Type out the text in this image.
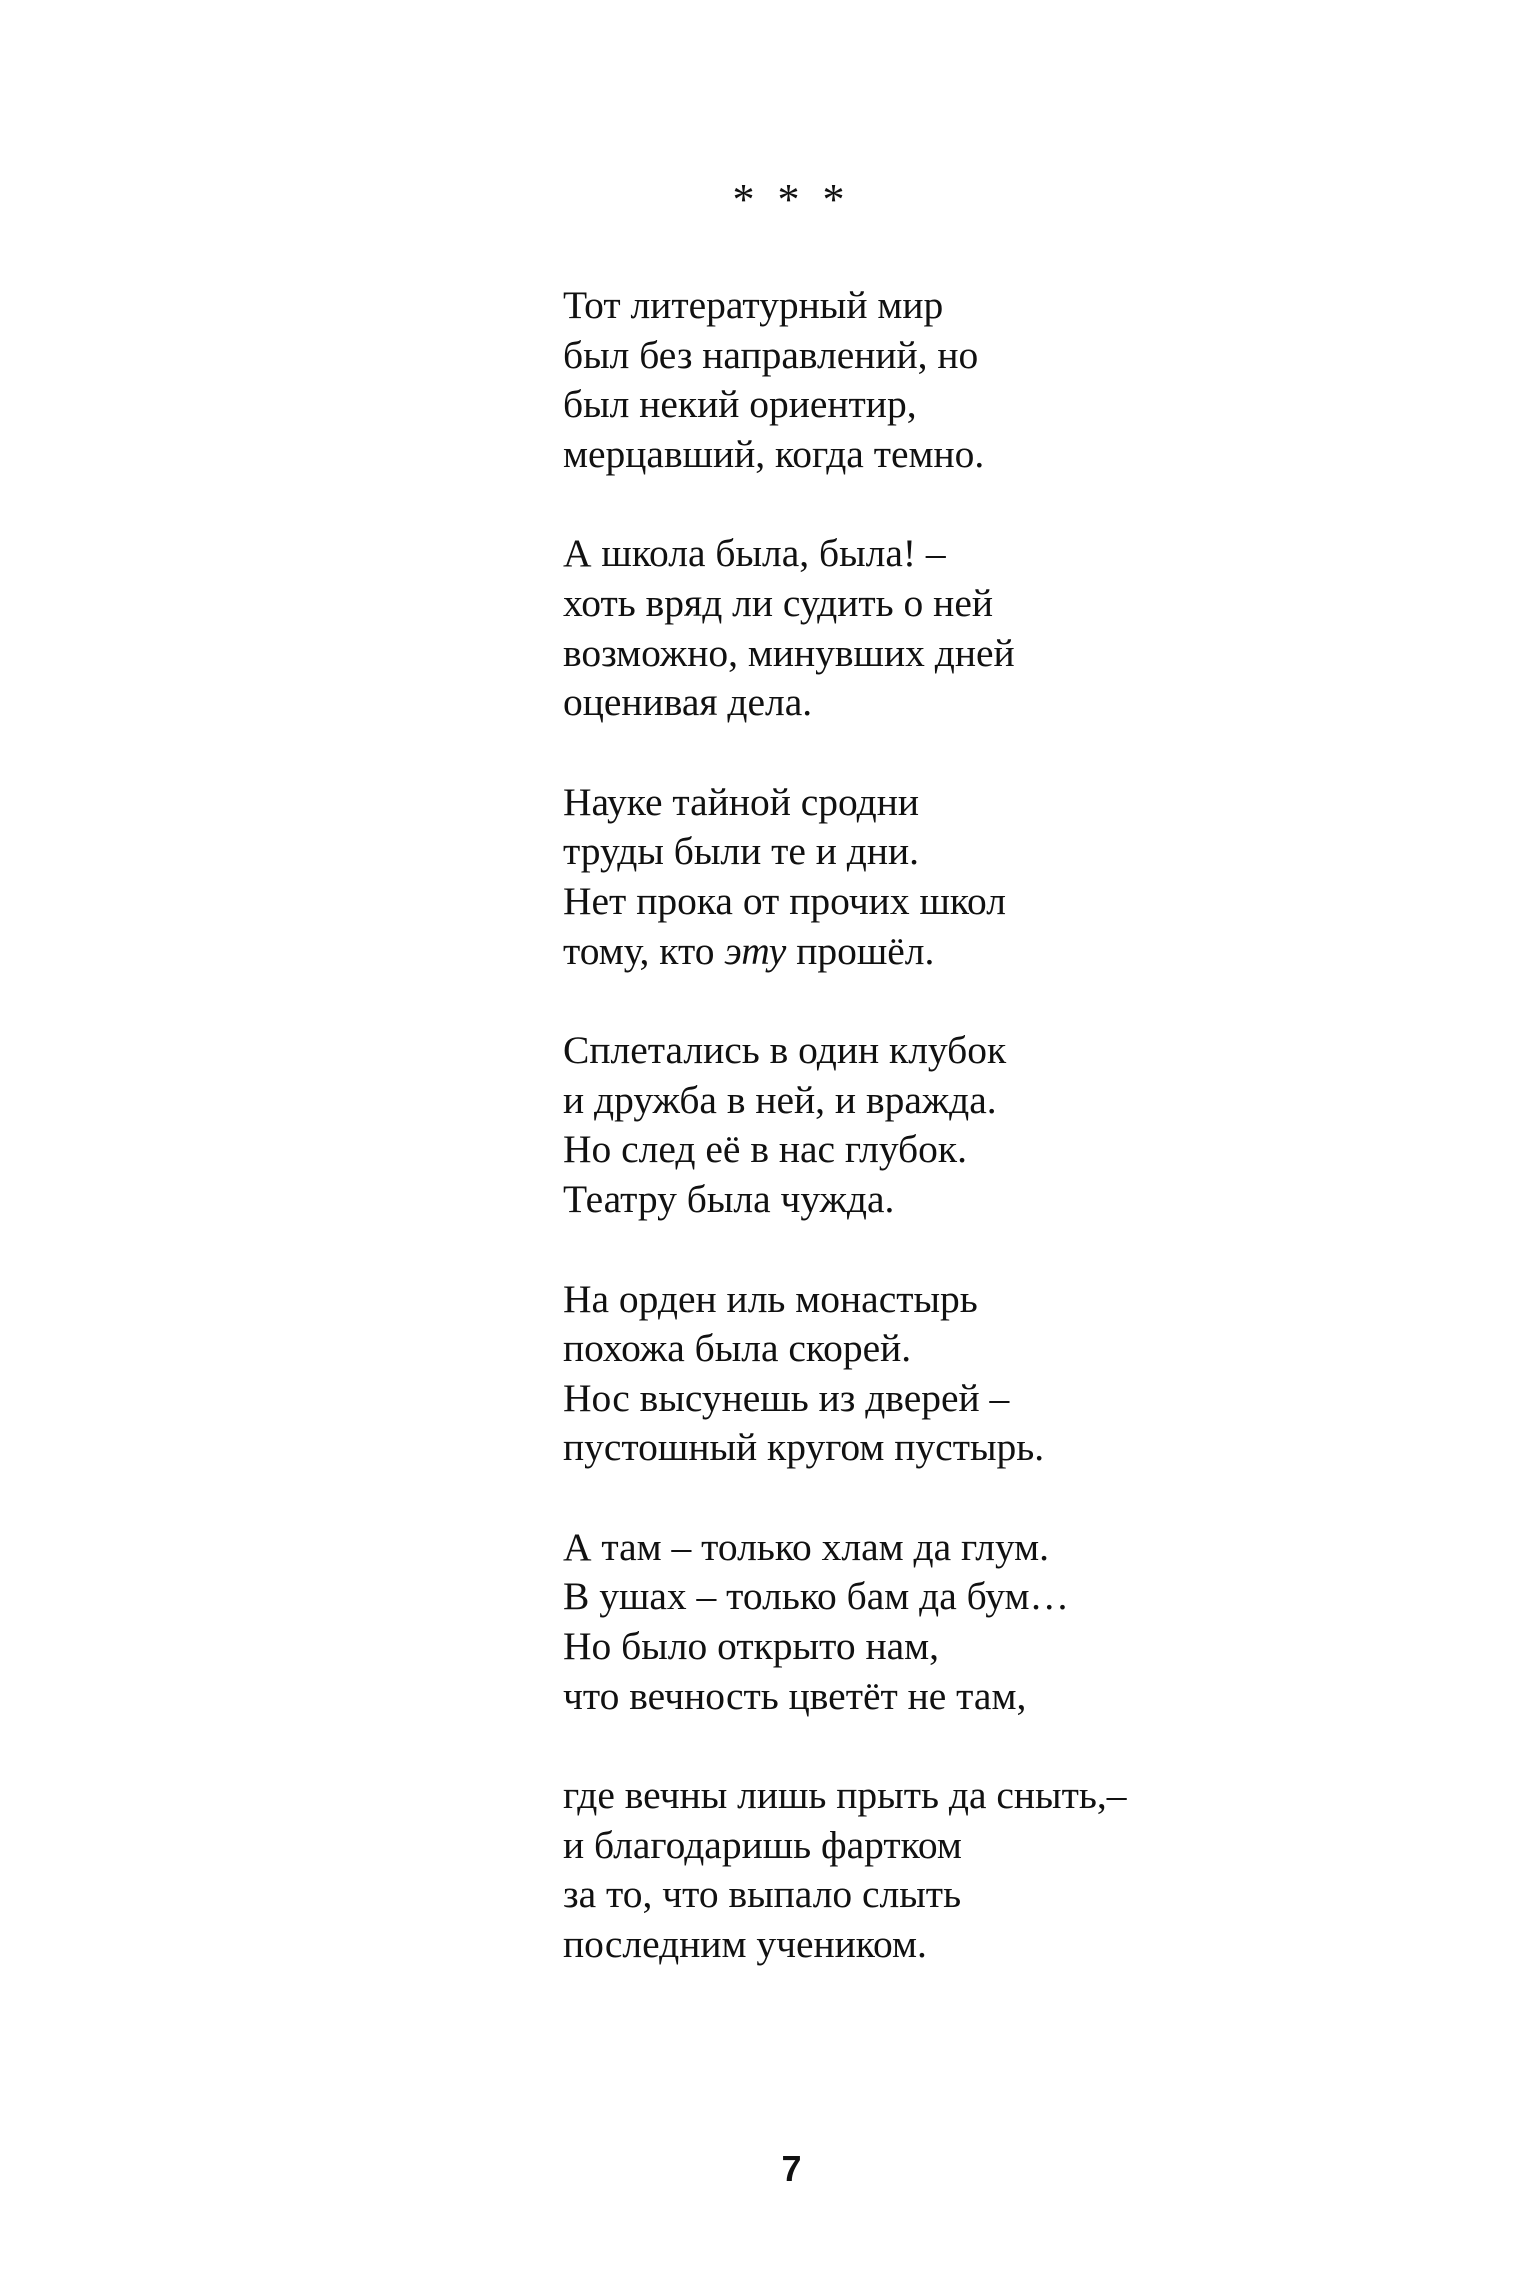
* * *
Тот литературный мир
был без направлений, но
был некий ориентир,
мерцавший, когда темно.
А школа была, была! –
хоть вряд ли судить о ней
возможно, минувших дней
оценивая дела.
Науке тайной сродни
труды были те и дни.
Нет прока от прочих школ
тому, кто эту прошёл.
Сплетались в один клубок
и дружба в ней, и вражда.
Но след её в нас глубок.
Театру была чужда.
На орден иль монастырь
похожа была скорей.
Нос высунешь из дверей –
пустошный кругом пустырь.
А там – только хлам да глум.
В ушах – только бам да бум…
Но было открыто нам,
что вечность цветёт не там,
где вечны лишь прыть да сныть,–
и благодаришь фартком
за то, что выпало слыть
последним учеником.
7
